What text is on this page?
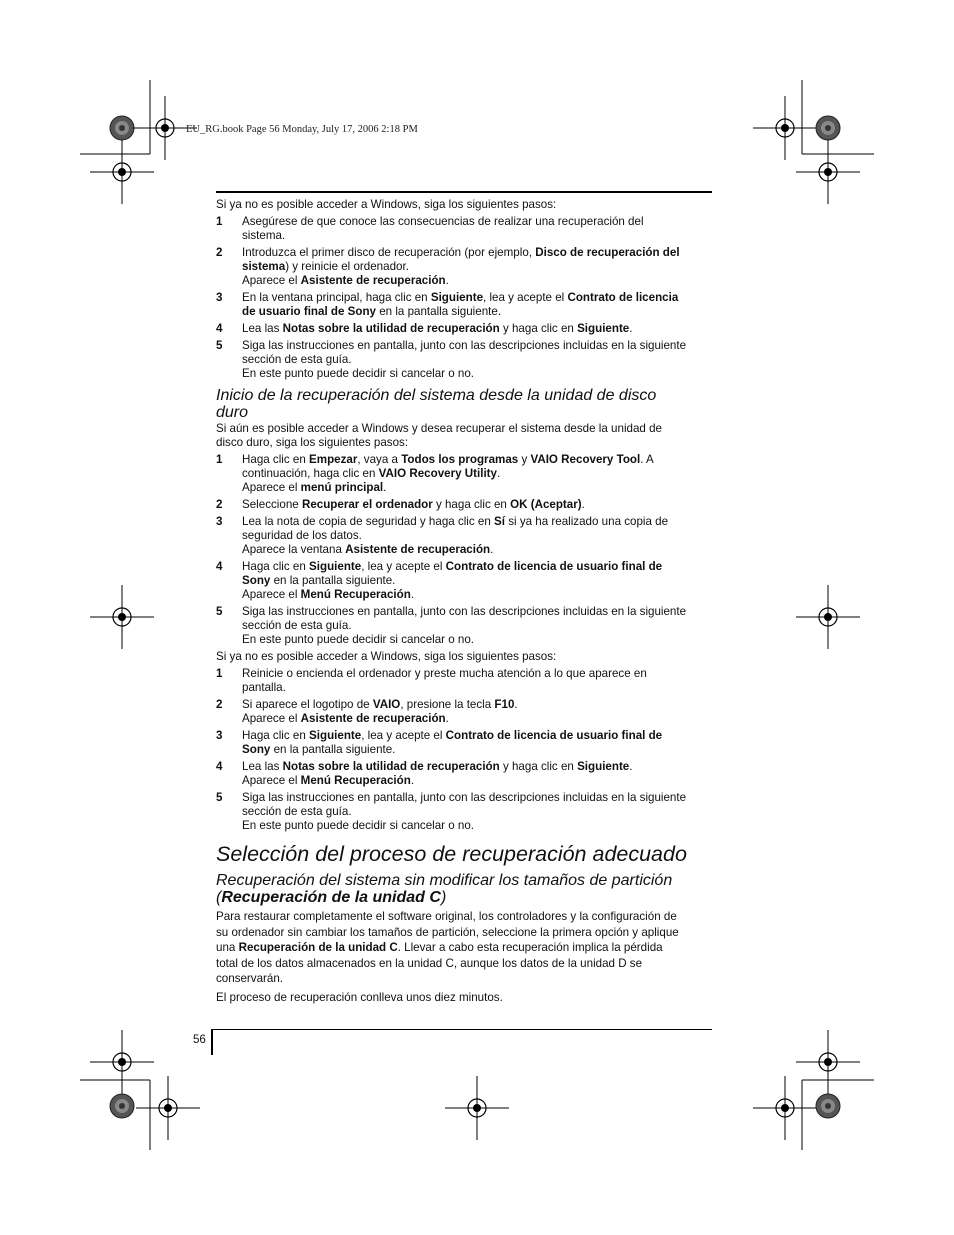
EU_RG.book Page 56 Monday, July 17, 2006 2:18 PM

Si ya no es posible acceder a Windows, siga los siguientes pasos:

1	Asegúrese de que conoce las consecuencias de realizar una recuperación del
sistema.
2	Introduzca el primer disco de recuperación (por ejemplo, Disco de recuperación del
sistema) y reinicie el ordenador.
Aparece el Asistente de recuperación.
3	En la ventana principal, haga clic en Siguiente, lea y acepte el Contrato de licencia
de usuario final de Sony en la pantalla siguiente.
4	Lea las Notas sobre la utilidad de recuperación y haga clic en Siguiente.
5	Siga las instrucciones en pantalla, junto con las descripciones incluidas en la siguiente
sección de esta guía.
En este punto puede decidir si cancelar o no.
Inicio de la recuperación del sistema desde la unidad de disco
duro

Si aún es posible acceder a Windows y desea recuperar el sistema desde la unidad de
disco duro, siga los siguientes pasos:

1	Haga clic en Empezar, vaya a Todos los programas y VAIO Recovery Tool. A
continuación, haga clic en VAIO Recovery Utility.
Aparece el menú principal.
2	Seleccione Recuperar el ordenador y haga clic en OK (Aceptar).
3	Lea la nota de copia de seguridad y haga clic en Sí si ya ha realizado una copia de
seguridad de los datos.
Aparece la ventana Asistente de recuperación.
4	Haga clic en Siguiente, lea y acepte el Contrato de licencia de usuario final de
Sony en la pantalla siguiente.
Aparece el Menú Recuperación.
5	Siga las instrucciones en pantalla, junto con las descripciones incluidas en la siguiente
sección de esta guía.
En este punto puede decidir si cancelar o no.

Si ya no es posible acceder a Windows, siga los siguientes pasos:

1	Reinicie o encienda el ordenador y preste mucha atención a lo que aparece en
pantalla.
2	Si aparece el logotipo de VAIO, presione la tecla F10.
Aparece el Asistente de recuperación.
3	Haga clic en Siguiente, lea y acepte el Contrato de licencia de usuario final de
Sony en la pantalla siguiente.
4	Lea las Notas sobre la utilidad de recuperación y haga clic en Siguiente.
Aparece el Menú Recuperación.
5	Siga las instrucciones en pantalla, junto con las descripciones incluidas en la siguiente
sección de esta guía.
En este punto puede decidir si cancelar o no.
Selección del proceso de recuperación adecuado
Recuperación del sistema sin modificar los tamaños de partición
(Recuperación de la unidad C)

Para restaurar completamente el software original, los controladores y la configuración de
su ordenador sin cambiar los tamaños de partición, seleccione la primera opción y aplique
una Recuperación de la unidad C. Llevar a cabo esta recuperación implica la pérdida
total de los datos almacenados en la unidad C, aunque los datos de la unidad D se
conservarán.

El proceso de recuperación conlleva unos diez minutos.

56
